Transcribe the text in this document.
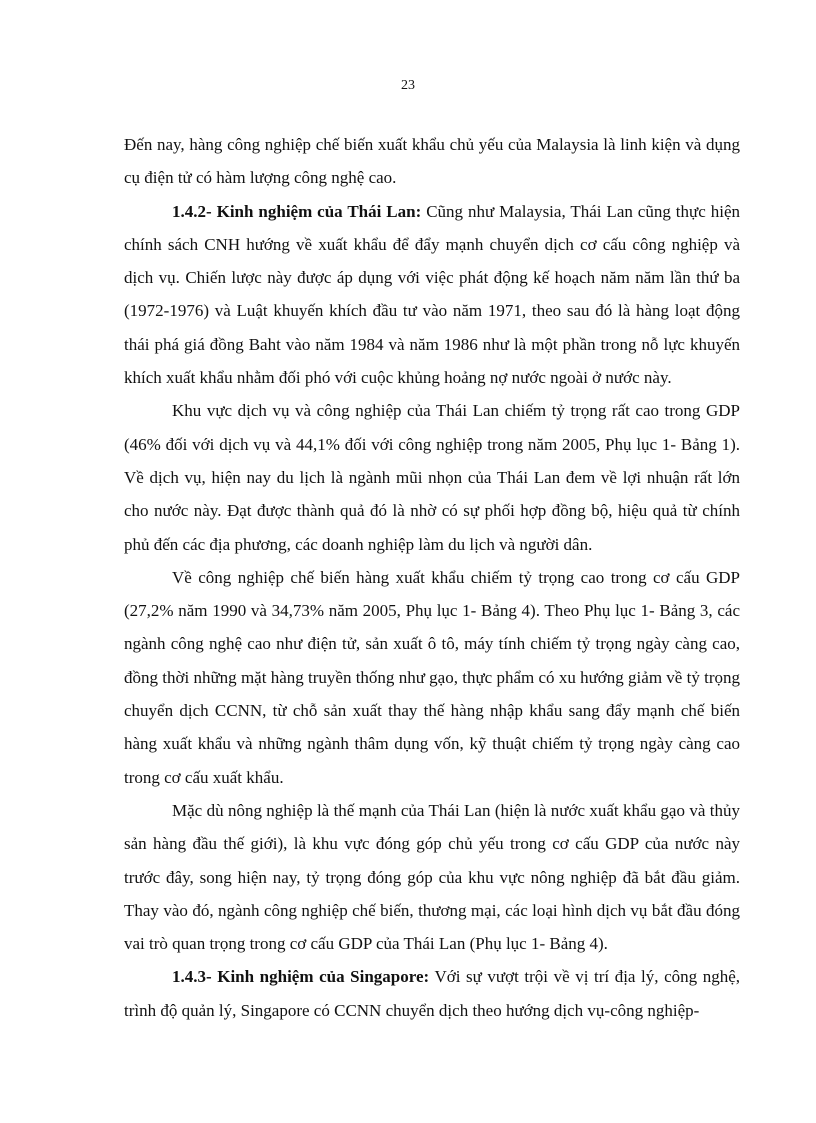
23

Đến nay, hàng công nghiệp chế biến xuất khẩu chủ yếu của Malaysia là linh kiện và dụng cụ điện tử có hàm lượng công nghệ cao.

1.4.2- Kinh nghiệm của Thái Lan: Cũng như Malaysia, Thái Lan cũng thực hiện chính sách CNH hướng về xuất khẩu để đẩy mạnh chuyển dịch cơ cấu công nghiệp và dịch vụ. Chiến lược này được áp dụng với việc phát động kế hoạch năm năm lần thứ ba (1972-1976) và Luật khuyến khích đầu tư vào năm 1971, theo sau đó là hàng loạt động thái phá giá đồng Baht vào năm 1984 và năm 1986 như là một phần trong nỗ lực khuyến khích xuất khẩu nhằm đối phó với cuộc khủng hoảng nợ nước ngoài ở nước này.

Khu vực dịch vụ và công nghiệp của Thái Lan chiếm tỷ trọng rất cao trong GDP (46% đối với dịch vụ và 44,1% đối với công nghiệp trong năm 2005, Phụ lục 1- Bảng 1). Về dịch vụ, hiện nay du lịch là ngành mũi nhọn của Thái Lan đem về lợi nhuận rất lớn cho nước này. Đạt được thành quả đó là nhờ có sự phối hợp đồng bộ, hiệu quả từ chính phủ đến các địa phương, các doanh nghiệp làm du lịch và người dân.

Về công nghiệp chế biến hàng xuất khẩu chiếm tỷ trọng cao trong cơ cấu GDP (27,2% năm 1990 và 34,73% năm 2005, Phụ lục 1- Bảng 4). Theo Phụ lục 1- Bảng 3, các ngành công nghệ cao như điện tử, sản xuất ô tô, máy tính chiếm tỷ trọng ngày càng cao, đồng thời những mặt hàng truyền thống như gạo, thực phẩm có xu hướng giảm về tỷ trọng chuyển dịch CCNN, từ chỗ sản xuất thay thế hàng nhập khẩu sang đẩy mạnh chế biến hàng xuất khẩu và những ngành thâm dụng vốn, kỹ thuật chiếm tỷ trọng ngày càng cao trong cơ cấu xuất khẩu.

Mặc dù nông nghiệp là thế mạnh của Thái Lan (hiện là nước xuất khẩu gạo và thủy sản hàng đầu thế giới), là khu vực đóng góp chủ yếu trong cơ cấu GDP của nước này trước đây, song hiện nay, tỷ trọng đóng góp của khu vực nông nghiệp đã bắt đầu giảm. Thay vào đó, ngành công nghiệp chế biến, thương mại, các loại hình dịch vụ bắt đầu đóng vai trò quan trọng trong cơ cấu GDP của Thái Lan (Phụ lục 1- Bảng 4).

1.4.3- Kinh nghiệm của Singapore: Với sự vượt trội về vị trí địa lý, công nghệ, trình độ quản lý, Singapore có CCNN chuyển dịch theo hướng dịch vụ-công nghiệp-
